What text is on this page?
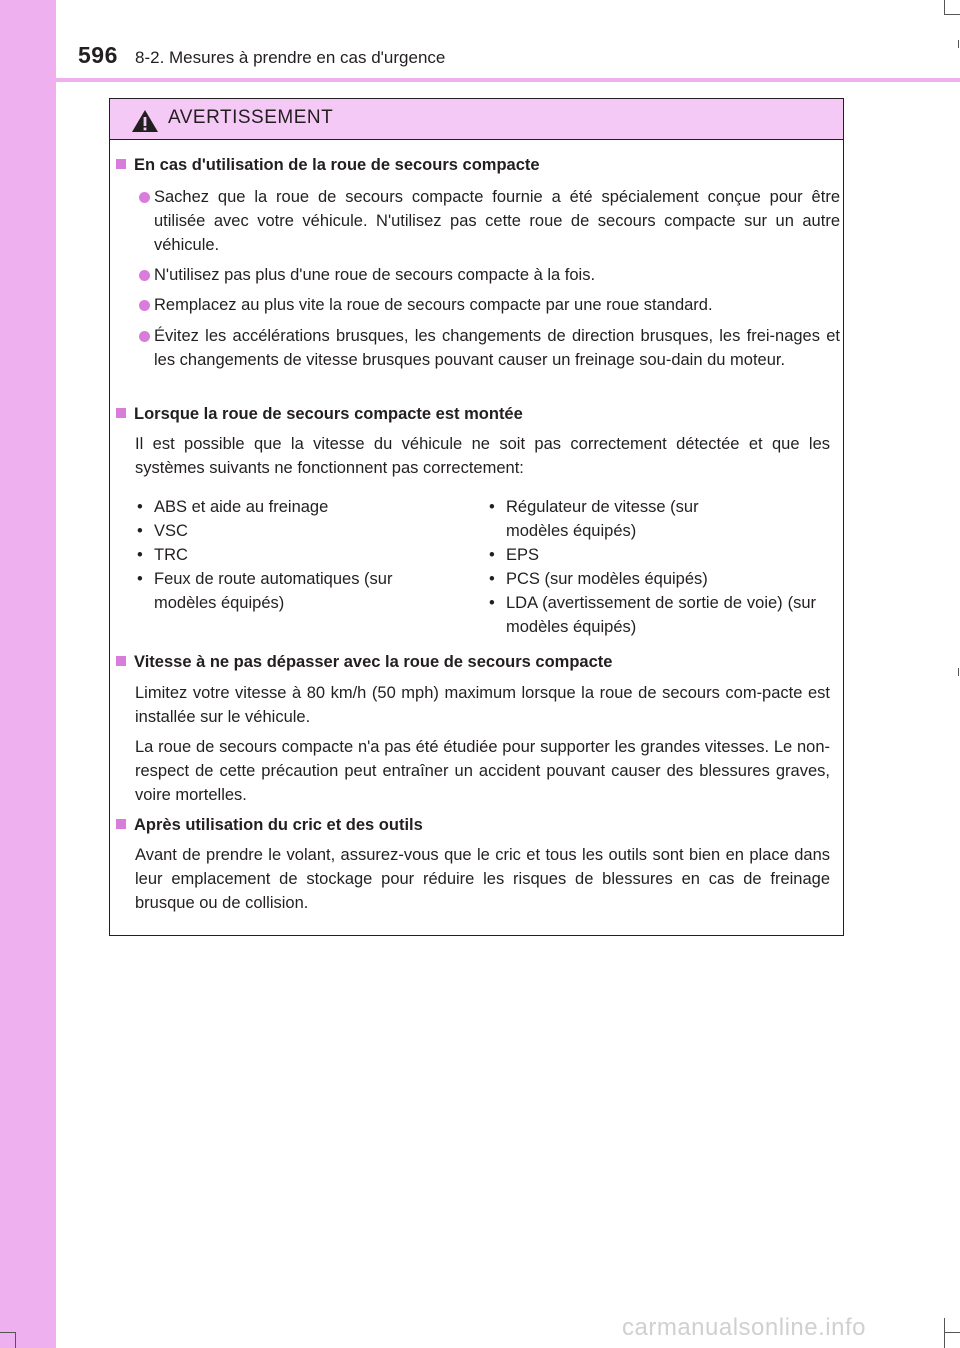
596 8-2. Mesures à prendre en cas d'urgence
AVERTISSEMENT
En cas d'utilisation de la roue de secours compacte
Sachez que la roue de secours compacte fournie a été spécialement conçue pour être utilisée avec votre véhicule. N'utilisez pas cette roue de secours compacte sur un autre véhicule.
N'utilisez pas plus d'une roue de secours compacte à la fois.
Remplacez au plus vite la roue de secours compacte par une roue standard.
Évitez les accélérations brusques, les changements de direction brusques, les frei-nages et les changements de vitesse brusques pouvant causer un freinage sou-dain du moteur.
Lorsque la roue de secours compacte est montée
Il est possible que la vitesse du véhicule ne soit pas correctement détectée et que les systèmes suivants ne fonctionnent pas correctement:
• ABS et aide au freinage
• VSC
• TRC
• Feux de route automatiques (sur modèles équipés)
• Régulateur de vitesse (sur modèles équipés)
• EPS
• PCS (sur modèles équipés)
• LDA (avertissement de sortie de voie) (sur modèles équipés)
Vitesse à ne pas dépasser avec la roue de secours compacte
Limitez votre vitesse à 80 km/h (50 mph) maximum lorsque la roue de secours com-pacte est installée sur le véhicule.
La roue de secours compacte n'a pas été étudiée pour supporter les grandes vitesses. Le non-respect de cette précaution peut entraîner un accident pouvant causer des blessures graves, voire mortelles.
Après utilisation du cric et des outils
Avant de prendre le volant, assurez-vous que le cric et tous les outils sont bien en place dans leur emplacement de stockage pour réduire les risques de blessures en cas de freinage brusque ou de collision.
carmanualsonline.info
